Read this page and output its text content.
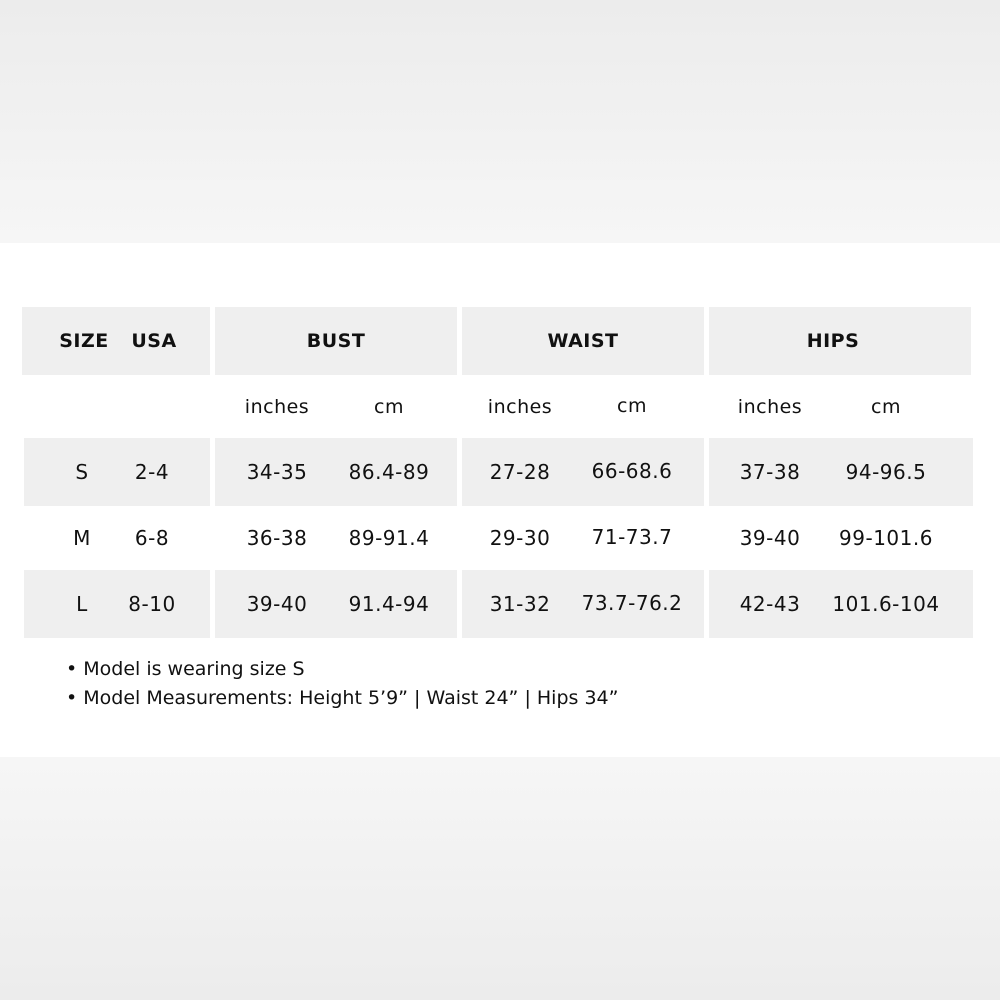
SIZE	USA	BUST	WAIST	HIPS
inches	cm	inches	cm	inches	cm
S	2-4	34-35	86.4-89	27-28	66-68.6	37-38	94-96.5
M	6-8	36-38	89-91.4	29-30	71-73.7	39-40	99-101.6
L	8-10	39-40	91.4-94	31-32	73.7-76.2	42-43	101.6-104
• Model is wearing size S
• Model Measurements: Height 5’9” | Waist 24” | Hips 34”
